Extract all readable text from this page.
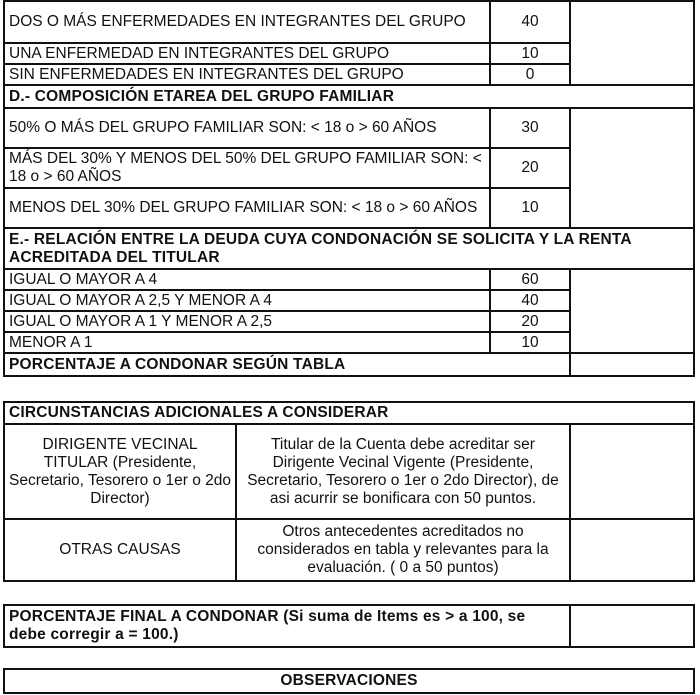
DOS O MÁS ENFERMEDADES EN INTEGRANTES DEL GRUPO	40	
UNA ENFERMEDAD EN INTEGRANTES DEL GRUPO	10	
SIN ENFERMEDADES EN INTEGRANTES DEL GRUPO	0	
D.- COMPOSICIÓN ETAREA DEL GRUPO FAMILIAR		
50% O MÁS DEL GRUPO FAMILIAR SON: < 18 o > 60 AÑOS	30	
MÁS DEL 30% Y MENOS DEL 50% DEL GRUPO FAMILIAR SON: < 18 o > 60 AÑOS	20	
MENOS DEL 30% DEL GRUPO FAMILIAR SON: < 18 o > 60 AÑOS	10	
E.- RELACIÓN ENTRE LA DEUDA CUYA CONDONACIÓN SE SOLICITA Y LA RENTA ACREDITADA DEL TITULAR		
IGUAL O MAYOR A 4	60	
IGUAL O MAYOR A 2,5 Y MENOR A 4	40	
IGUAL O MAYOR A 1 Y MENOR A 2,5	20	
MENOR A 1	10	
PORCENTAJE A CONDONAR SEGÚN TABLA		
CIRCUNSTANCIAS ADICIONALES A CONSIDERAR		
DIRIGENTE VECINAL TITULAR (Presidente, Secretario, Tesorero o 1er o 2do Director)	Titular de la Cuenta debe acreditar ser Dirigente Vecinal Vigente (Presidente, Secretario, Tesorero o 1er o 2do Director), de asi acurrir se bonificara con 50 puntos.	
OTRAS CAUSAS	Otros antecedentes acreditados no considerados en tabla y relevantes para la evaluación. ( 0 a 50 puntos)	
PORCENTAJE FINAL A CONDONAR (Si suma de Items es > a 100, se debe corregir a = 100.)	
OBSERVACIONES
